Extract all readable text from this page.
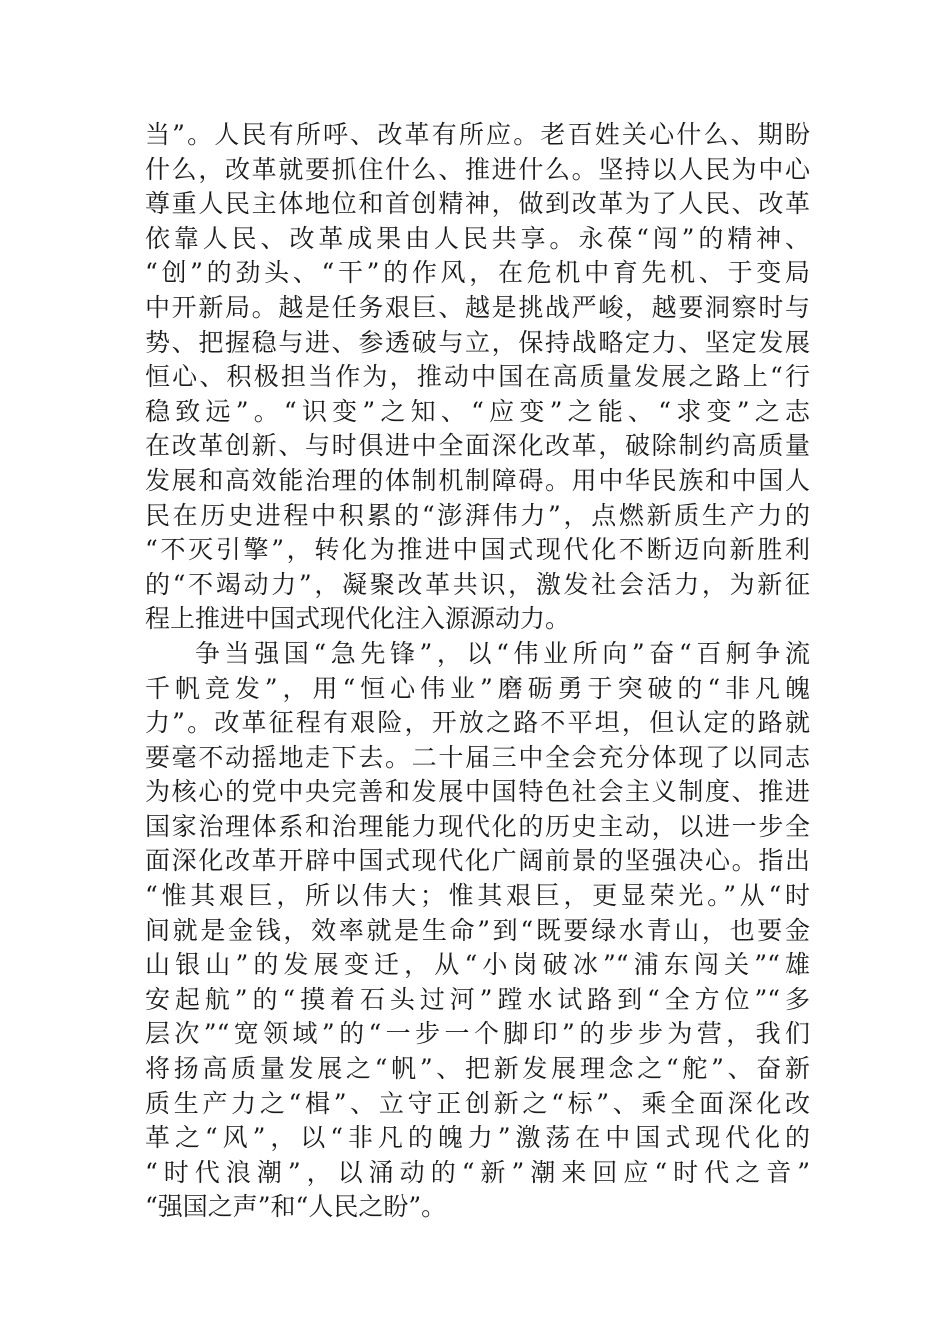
当”。人民有所呼、改革有所应。老百姓关心什么、期盼
什么，改革就要抓住什么、推进什么。坚持以人民为中心
尊重人民主体地位和首创精神，做到改革为了人民、改革
依靠人民、改革成果由人民共享。永葆“闯”的精神、
“创”的劲头、“干”的作风，在危机中育先机、于变局
中开新局。越是任务艰巨、越是挑战严峻，越要洞察时与
势、把握稳与进、参透破与立，保持战略定力、坚定发展
恒心、积极担当作为，推动中国在高质量发展之路上“行
稳致远”。“识变”之知、“应变”之能、“求变”之志
在改革创新、与时俱进中全面深化改革，破除制约高质量
发展和高效能治理的体制机制障碍。用中华民族和中国人
民在历史进程中积累的“澎湃伟力”，点燃新质生产力的
“不灭引擎”，转化为推进中国式现代化不断迈向新胜利
的“不竭动力”，凝聚改革共识，激发社会活力，为新征
程上推进中国式现代化注入源源动力。
争当强国“急先锋”，以“伟业所向”奋“百舸争流
千帆竞发”，用“恒心伟业”磨砺勇于突破的“非凡魄
力”。改革征程有艰险，开放之路不平坦，但认定的路就
要毫不动摇地走下去。二十届三中全会充分体现了以同志
为核心的党中央完善和发展中国特色社会主义制度、推进
国家治理体系和治理能力现代化的历史主动，以进一步全
面深化改革开辟中国式现代化广阔前景的坚强决心。指出
“惟其艰巨，所以伟大；惟其艰巨，更显荣光。”从“时
间就是金钱，效率就是生命”到“既要绿水青山，也要金
山银山”的发展变迁，从“小岗破冰”“浦东闯关”“雄
安起航”的“摸着石头过河”蹚水试路到“全方位”“多
层次”“宽领域”的“一步一个脚印”的步步为营，我们
将扬高质量发展之“帆”、把新发展理念之“舵”、奋新
质生产力之“楫”、立守正创新之“标”、乘全面深化改
革之“风”，以“非凡的魄力”激荡在中国式现代化的
“时代浪潮”，以涌动的“新”潮来回应“时代之音”
“强国之声”和“人民之盼”。
